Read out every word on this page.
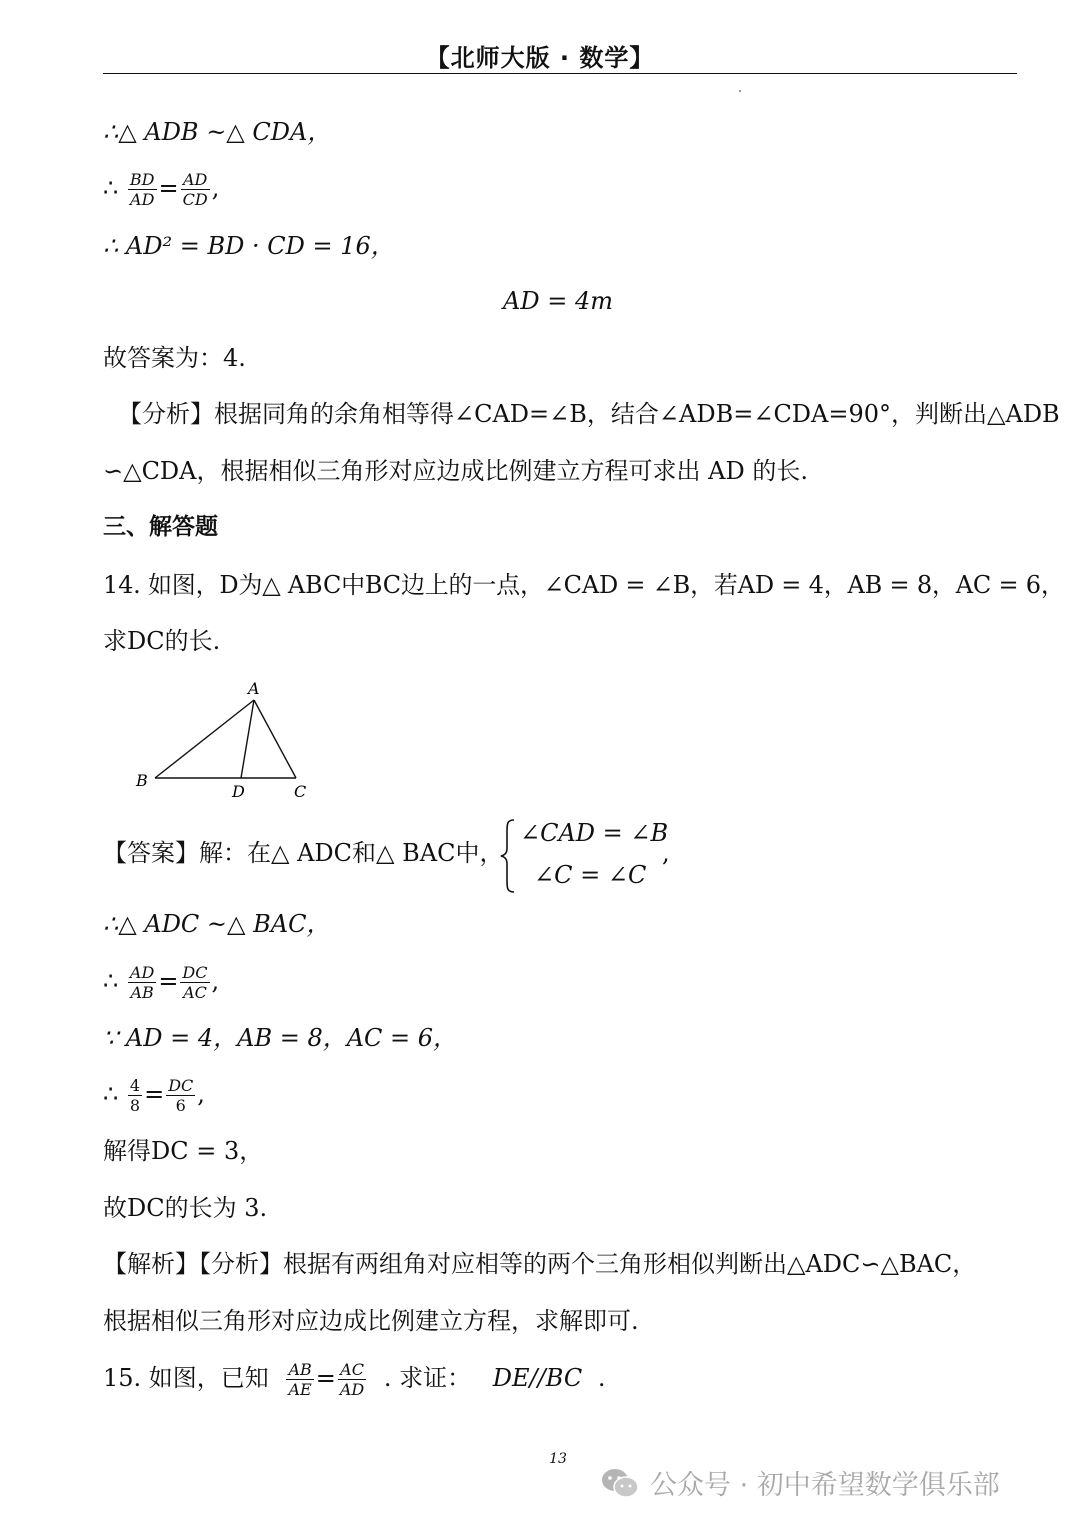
【北师大版 · 数学】
∴△ ADB ~△ CDA，
∴ $\frac{BD}{AD} = \frac{AD}{CD}$ ,
∴ AD² = BD · CD = 16，
AD = 4m
故答案为：4.
【分析】根据同角的余角相等得∠CAD=∠B，结合∠ADB=∠CDA=90°，判断出△ADB
∽△CDA，根据相似三角形对应边成比例建立方程可求出 AD 的长.
三、解答题
14. 如图，D为△ ABC中BC边上的一点，∠CAD = ∠B，若AD = 4，AB = 8，AC = 6，
求DC的长.
A
B
D	C
【答案】解：在△ ADC和△ BAC中，
∠CAD = ∠B
∠C = ∠C
,
∴△ ADC ~△ BAC，
∴ $\frac{AD}{AB} = \frac{DC}{AC}$ ,
∵ AD = 4，AB = 8，AC = 6，
∴ $\frac{4}{8} = \frac{DC}{6}$ ,
解得DC = 3，
故DC的长为 3.
【解析】【分析】根据有两组角对应相等的两个三角形相似判断出△ADC∽△BAC，
根据相似三角形对应边成比例建立方程，求解即可.
15. 如图，已知 $\frac{AB}{AE} = \frac{AC}{AD}$ . 求证： DE//BC .
13
公众号 · 初中希望数学俱乐部
